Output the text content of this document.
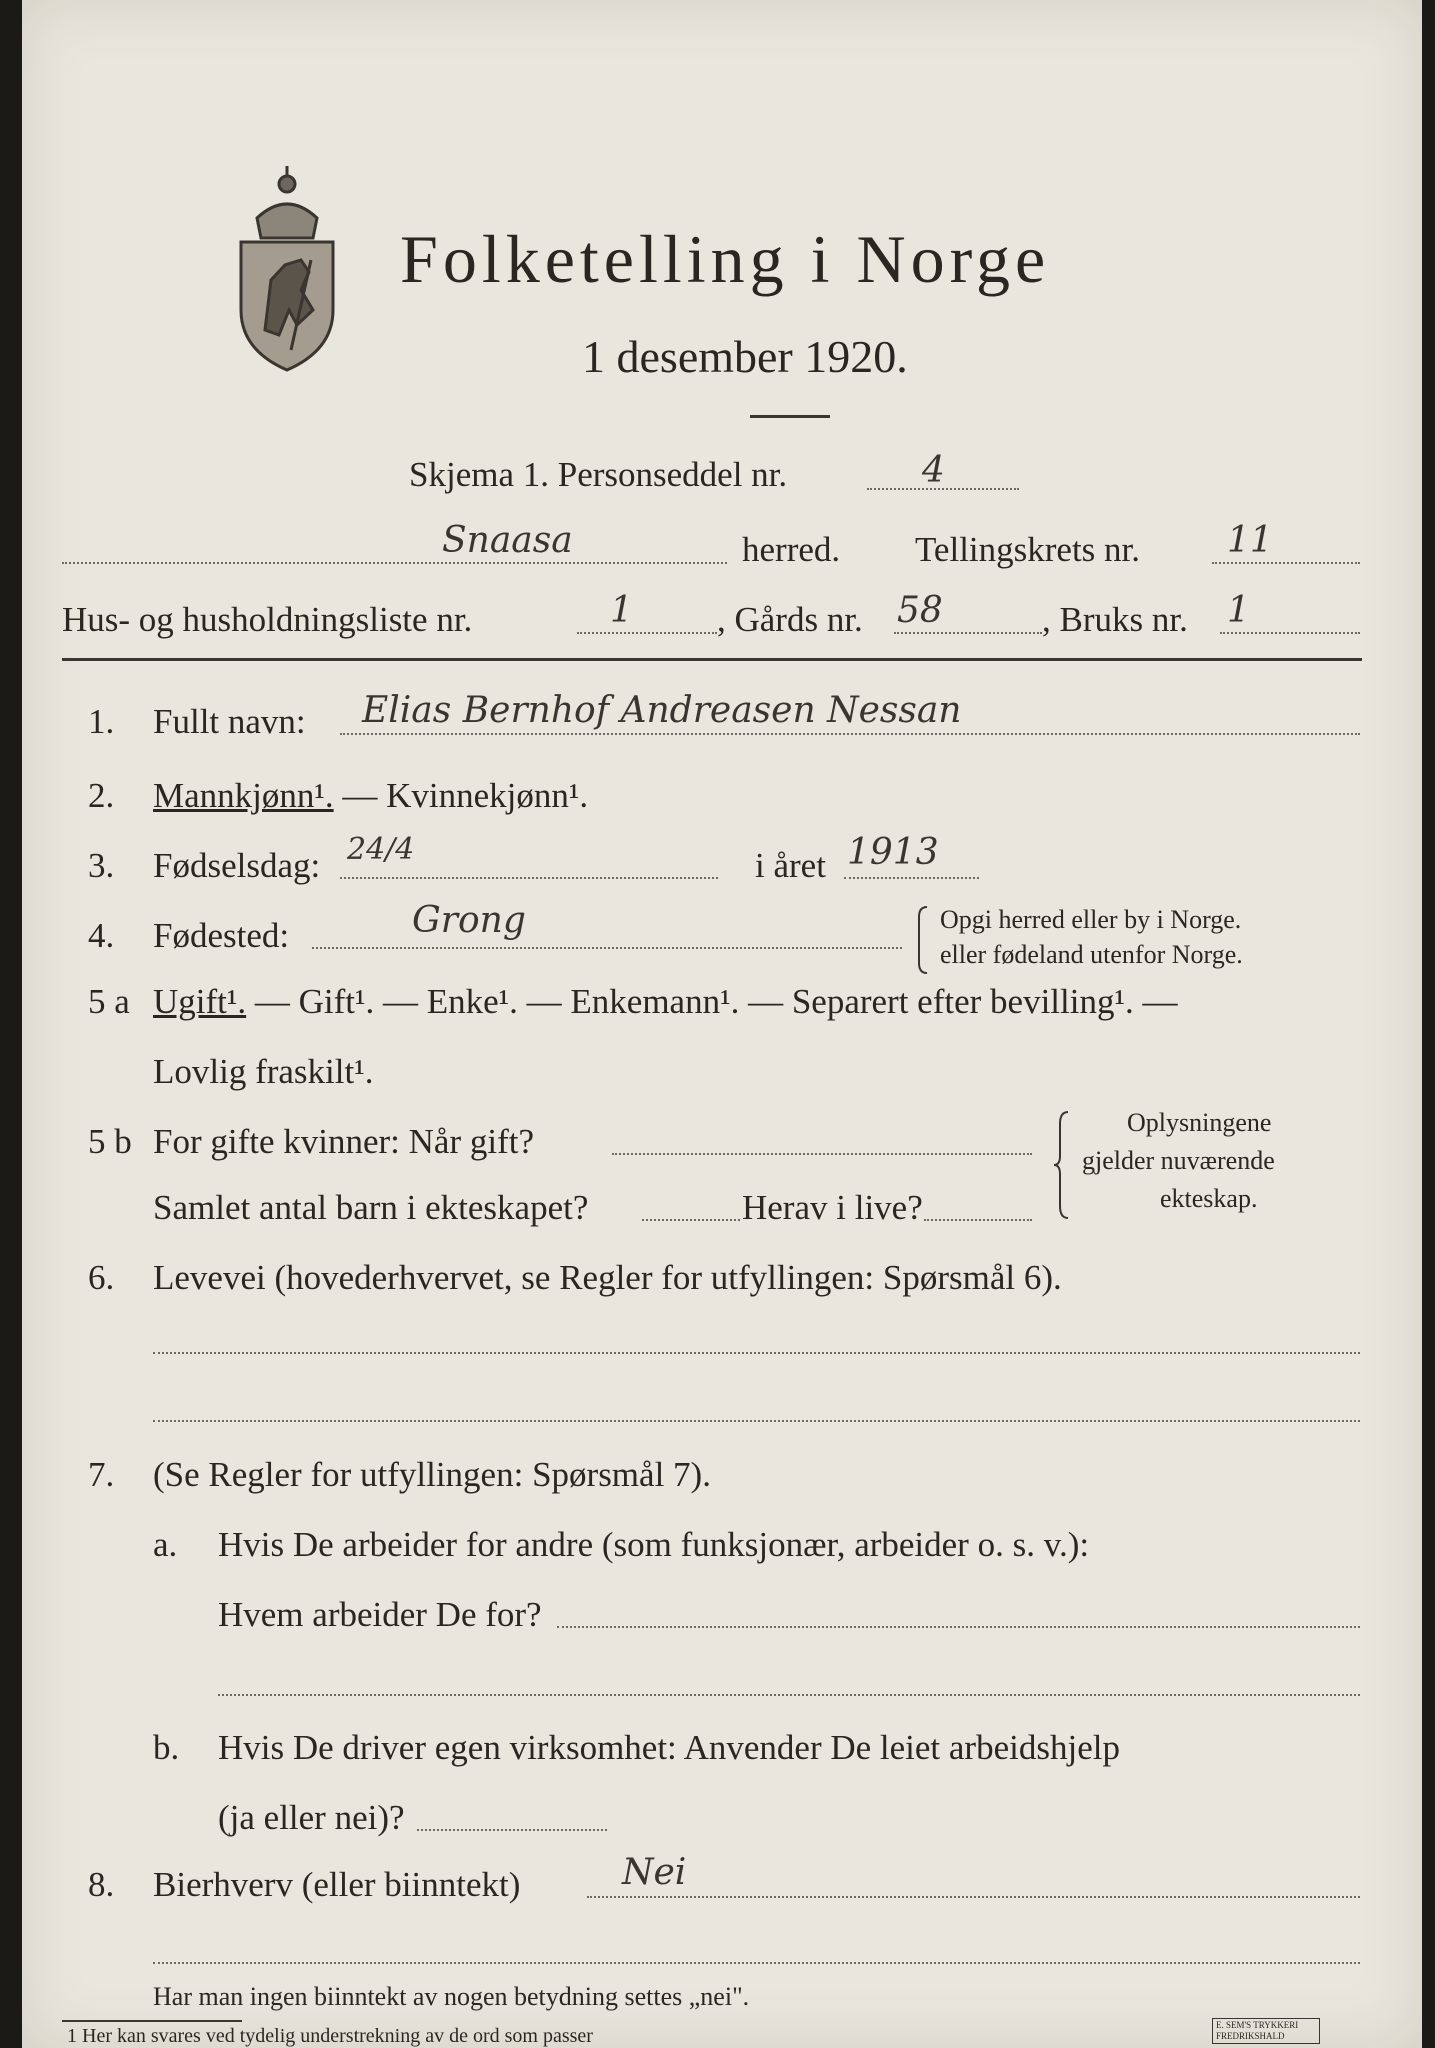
Folketelling i Norge
1 desember 1920.
Skjema 1. Personseddel nr.	4
Snaasa	herred. Tellingskrets nr. 11
Hus- og husholdningsliste nr.	1 , Gårds nr. 58	, Bruks nr. 1
1. Fullt navn: Elias Bernhof Andreasen Nessan
2. Mannkjønn¹. — Kvinnekjønn¹.
3. Fødselsdag: 24/4	i året 1913
4. Fødested:	Grong	Opgi herred eller by i Norge.
eller fødeland utenfor Norge.
5 a Ugift¹. — Gift¹. — Enke¹. — Enkemann¹. — Separert efter bevilling¹. —
Lovlig fraskilt¹.
5 b For gifte kvinner: Når gift?
Samlet antal barn i ekteskapet?	Herav i live?
Oplysningene
gjelder nuværende
ekteskap.
6. Levevei (hovederhvervet, se Regler for utfyllingen: Spørsmål 6).
7. (Se Regler for utfyllingen: Spørsmål 7).
a. Hvis De arbeider for andre (som funksjonær, arbeider o. s. v.):
Hvem arbeider De for?
b. Hvis De driver egen virksomhet: Anvender De leiet arbeidshjelp
(ja eller nei)?
8. Bierhverv (eller biinntekt)	Nei
Har man ingen biinntekt av nogen betydning settes „nei".
1 Her kan svares ved tydelig understrekning av de ord som passer	E. SEM'S TRYKKERI FREDRIKSHALD
